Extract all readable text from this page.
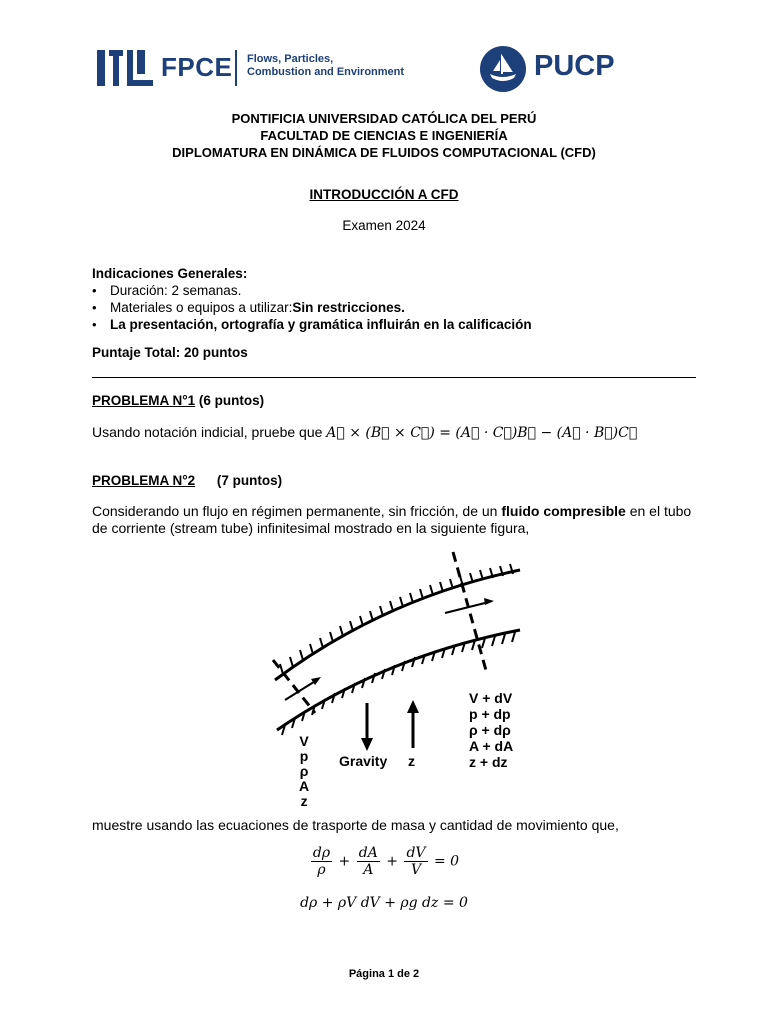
FPCE Flows, Particles,
Combustion and Environment	PUCP
PONTIFICIA UNIVERSIDAD CATÓLICA DEL PERÚ
FACULTAD DE CIENCIAS E INGENIERÍA
DIPLOMATURA EN DINÁMICA DE FLUIDOS COMPUTACIONAL (CFD)
INTRODUCCIÓN A CFD
Examen 2024
Indicaciones Generales:
• Duración: 2 semanas.
• Materiales o equipos a utilizar: Sin restricciones.
• La presentación, ortografía y gramática influirán en la calificación
Puntaje Total: 20 puntos
PROBLEMA N°1 (6 puntos)
Usando notación indicial, pruebe que A⃗ × (B⃗ × C⃗) = (A⃗ · C⃗)B⃗ − (A⃗ · B⃗)C⃗
PROBLEMA N°2 (7 puntos)
Considerando un flujo en régimen permanente, sin fricción, de un fluido compresible en el tubo
de corriente (stream tube) infinitesimal mostrado en la siguiente figura,
V
p
ρ
A
z
Gravity z
V + dV
p + dp
ρ + dρ
A + dA
z + dz
muestre usando las ecuaciones de trasporte de masa y cantidad de movimiento que,
$\frac{d\rho}{\rho} + \frac{dA}{A} + \frac{dV}{V} = 0$
dρ + ρV dV + ρg dz = 0
Página 1 de 2
